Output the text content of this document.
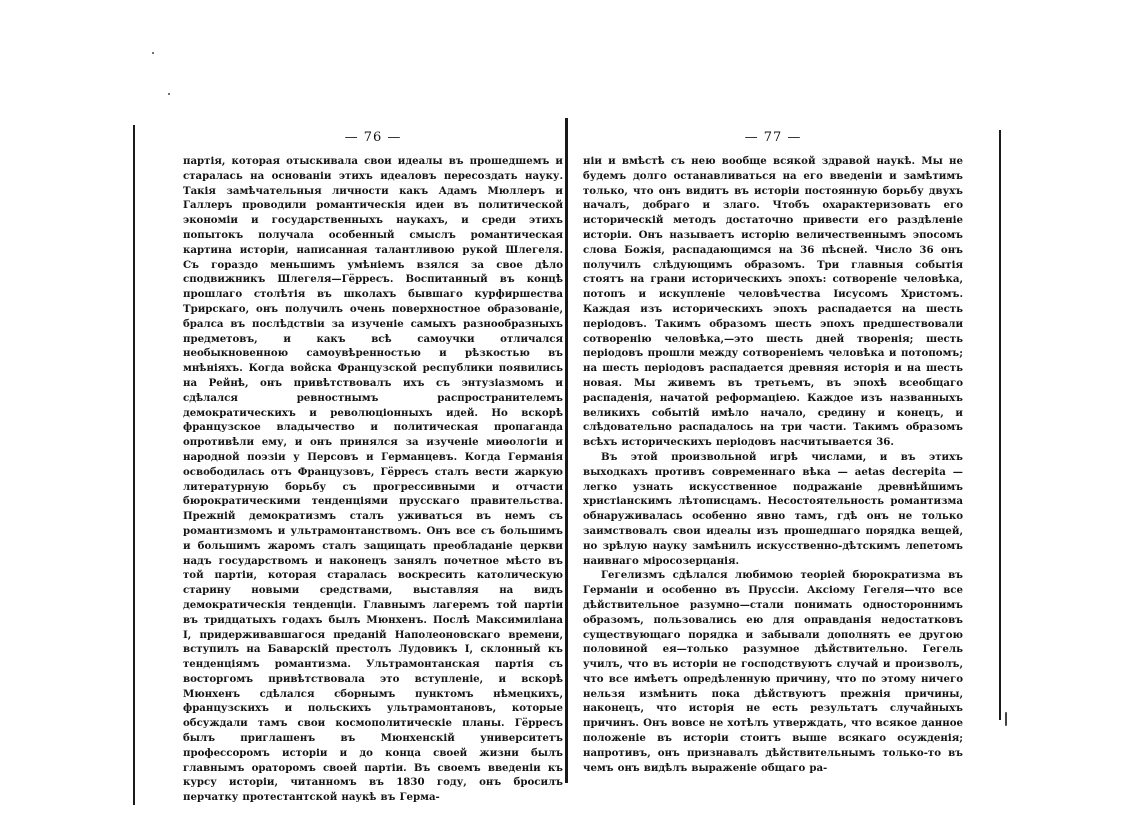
— 76 —

партія, которая отыскивала свои идеалы въ прошедшемъ и старалась на основаніи этихъ идеаловъ пересоздать науку. Такія замѣчательныя личности какъ Адамъ Мюллеръ и Галлеръ проводили романтическія идеи въ политической экономіи и государственныхъ наукахъ, и среди этихъ попытокъ получала особенный смыслъ романтическая картина исторіи, написанная талантливою рукой Шлегеля. Съ гораздо меньшимъ умѣніемъ взялся за свое дѣло сподвижникъ Шлегеля—Гёрресъ. Воспитанный въ концѣ прошлаго столѣтія въ школахъ бывшаго курфиршества Трирскаго, онъ получилъ очень поверхностное образованіе, бралса въ послѣдствіи за изученіе самыхъ разнообразныхъ предметовъ, и какъ всѣ самоучки отличался необыкновенною самоувѣренностью и рѣзкостью въ мнѣніяхъ. Когда войска Французской республики появились на Рейнѣ, онъ привѣтствовалъ ихъ съ энтузіазмомъ и сдѣлался ревностнымъ распространителемъ демократическихъ и революціонныхъ идей. Но вскорѣ французское владычество и политическая пропаганда опротивѣли ему, и онъ принялся за изученіе миѳологіи и народной поэзіи у Персовъ и Германцевъ. Когда Германія освободилась отъ Французовъ, Гёрресъ сталъ вести жаркую литературную борьбу съ прогрессивными и отчасти бюрократическими тенденціями прусскаго правительства. Прежній демократизмъ сталъ уживаться въ немъ съ романтизмомъ и ультрамонтанствомъ. Онъ все съ большимъ и большимъ жаромъ сталъ защищать преобладаніе церкви надъ государствомъ и наконецъ занялъ почетное мѣсто въ той партіи, которая старалась воскресить католическую старину новыми средствами, выставляя на видъ демократическія тенденціи. Главнымъ лагеремъ той партіи въ тридцатыхъ годахъ былъ Мюнхенъ. Послѣ Максимиліана I, придерживавшагося преданій Наполеоновскаго времени, вступилъ на Баварскій престолъ Лудовикъ I, склонный къ тенденціямъ романтизма. Ультрамонтанская партія съ восторгомъ привѣтствовала это вступленіе, и вскорѣ Мюнхенъ сдѣлался сборнымъ пунктомъ нѣмецкихъ, французскихъ и польскихъ ультрамонтановъ, которые обсуждали тамъ свои космополитическіе планы. Гёрресъ былъ приглашенъ въ Мюнхенскій университетъ профессоромъ исторіи и до конца своей жизни былъ главнымъ ораторомъ своей партіи. Въ своемъ введеніи къ курсу исторіи, читанномъ въ 1830 году, онъ бросилъ перчатку протестантской наукѣ въ Герма-

— 77 —

ніи и вмѣстѣ съ нею вообще всякой здравой наукѣ. Мы не будемъ долго останавливаться на его введеніи и замѣтимъ только, что онъ видитъ въ исторіи постоянную борьбу двухъ началъ, добраго и злаго. Чтобъ охарактеризовать его историческій методъ достаточно привести его раздѣленіе исторіи. Онъ называетъ исторію величественнымъ эпосомъ слова Божія, распадающимся на 36 пѣсней. Число 36 онъ получилъ слѣдующимъ образомъ. Три главныя событія стоятъ на грани историческихъ эпохъ: сотвореніе человѣка, потопъ и искупленіе человѣчества Іисусомъ Христомъ. Каждая изъ историческихъ эпохъ распадается на шесть періодовъ. Такимъ образомъ шесть эпохъ предшествовали сотворенію человѣка,—это шесть дней творенія; шесть періодовъ прошли между сотвореніемъ человѣка и потопомъ; на шесть періодовъ распадается древняя исторія и на шесть новая. Мы живемъ въ третьемъ, въ эпохѣ всеобщаго распаденія, начатой реформаціею. Каждое изъ названныхъ великихъ событій имѣло начало, средину и конецъ, и слѣдовательно распадалось на три части. Такимъ образомъ всѣхъ историческихъ періодовъ насчитывается 36.

Въ этой произвольной игрѣ числами, и въ этихъ выходкахъ противъ современнаго вѣка — aetas decrepita — легко узнать искусственное подражаніе древнѣйшимъ христіанскимъ лѣтописцамъ. Несостоятельность романтизма обнаруживалась особенно явно тамъ, гдѣ онъ не только заимствовалъ свои идеалы изъ прошедшаго порядка вещей, но зрѣлую науку замѣнилъ искусственно-дѣтскимъ лепетомъ наивнаго міросозерцанія.

Гегелизмъ сдѣлался любимою теоріей бюрократизма въ Германіи и особенно въ Пруссіи. Аксіому Гегеля—что все дѣйствительное разумно—стали понимать одностороннимъ образомъ, пользовались ею для оправданія недостатковъ существующаго порядка и забывали дополнять ее другою половиной ея—только разумное дѣйствительно. Гегель училъ, что въ исторіи не господствуютъ случай и произволъ, что все имѣетъ опредѣленную причину, что по этому ничего нельзя измѣнить пока дѣйствуютъ прежнія причины, наконецъ, что исторія не есть результатъ случайныхъ причинъ. Онъ вовсе не хотѣлъ утверждать, что всякое данное положеніе въ исторіи стоитъ выше всякаго осужденія; напротивъ, онъ признавалъ дѣйствительнымъ только-то въ чемъ онъ видѣлъ выраженіе общаго ра-
